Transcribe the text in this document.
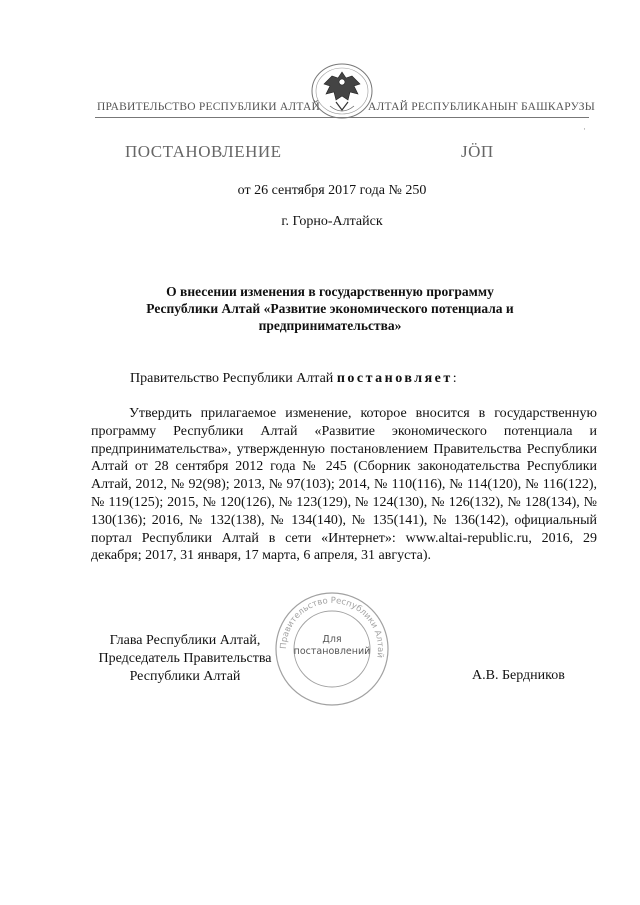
ПРАВИТЕЛЬСТВО РЕСПУБЛИКИ АЛТАЙ	АЛТАЙ РЕСПУБЛИКАНЫҤ БАШКАРУЗЫ
·
ПОСТАНОВЛЕНИЕ	ЈӦП
от 26 сентября 2017 года № 250
г. Горно-Алтайск
О внесении изменения в государственную программу
Республики Алтай «Развитие экономического потенциала и
предпринимательства»
Правительство Республики Алтай постановляет:
Утвердить прилагаемое изменение, которое вносится в государственную программу Республики Алтай «Развитие экономического потенциала и предпринимательства», утвержденную постановлением Правительства Республики Алтай от 28 сентября 2012 года № 245 (Сборник законодательства Республики Алтай, 2012, № 92(98); 2013, № 97(103); 2014, № 110(116), № 114(120), № 116(122), № 119(125); 2015, № 120(126), № 123(129), № 124(130), № 126(132), № 128(134), № 130(136); 2016, № 132(138), № 134(140), № 135(141), № 136(142), официальный портал Республики Алтай в сети «Интернет»: www.altai-republic.ru, 2016, 29 декабря; 2017, 31 января, 17 марта, 6 апреля, 31 августа).
Правительство Республики Алтай
Для
постановлений
Глава Республики Алтай,
Председатель Правительства
Республики Алтай	А.В. Бердников
